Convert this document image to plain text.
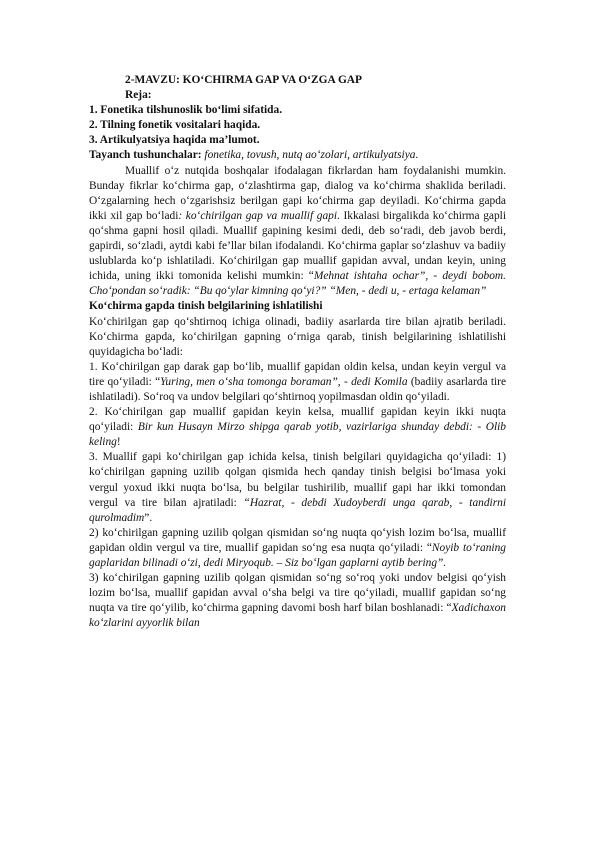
2-MAVZU: KO‘CHIRMA GAP VA O‘ZGA GAP

Reja:

1. Fonetika tilshunoslik bo‘limi sifatida.

2. Tilning fonetik vositalari haqida.

3. Artikulyatsiya haqida ma’lumot.

Tayanch tushunchalar: fonetika, tovush, nutq ao‘zolari, artikulyatsiya.

Muallif o‘z nutqida boshqalar ifodalagan fikrlardan ham foydalanishi mumkin. Bunday fikrlar ko‘chirma gap, o‘zlashtirma gap, dialog va ko‘chirma shaklida beriladi. O‘zgalarning hech o‘zgarishsiz berilgan gapi ko‘chirma gap deyiladi. Ko‘chirma gapda ikki xil gap bo‘ladi: ko‘chirilgan gap va muallif gapi. Ikkalasi birgalikda ko‘chirma gapli qo‘shma gapni hosil qiladi. Muallif gapining kesimi dedi, deb so‘radi, deb javob berdi, gapirdi, so‘zladi, aytdi kabi fe’llar bilan ifodalandi. Ko‘chirma gaplar so‘zlashuv va badiiy uslublarda ko‘p ishlatiladi. Ko‘chirilgan gap muallif gapidan avval, undan keyin, uning ichida, uning ikki tomonida kelishi mumkin: “Mehnat ishtaha ochar”, - deydi bobom. Cho‘pondan so‘radik: “Bu qo‘ylar kimning qo‘yi?” “Men, - dedi u, - ertaga kelaman”

Ko‘chirma gapda tinish belgilarining ishlatilishi

Ko‘chirilgan gap qo‘shtirnoq ichiga olinadi, badiiy asarlarda tire bilan ajratib beriladi. Ko‘chirma gapda, ko‘chirilgan gapning o‘rniga qarab, tinish belgilarining ishlatilishi quyidagicha bo‘ladi:

1. Ko‘chirilgan gap darak gap bo‘lib, muallif gapidan oldin kelsa, undan keyin vergul va tire qo‘yiladi: “Yuring, men o‘sha tomonga boraman”, - dedi Komila (badiiy asarlarda tire ishlatiladi). So‘roq va undov belgilari qo‘shtirnoq yopilmasdan oldin qo‘yiladi.

2. Ko‘chirilgan gap muallif gapidan keyin kelsa, muallif gapidan keyin ikki nuqta qo‘yiladi: Bir kun Husayn Mirzo shipga qarab yotib, vazirlariga shunday debdi: - Olib keling!

3. Muallif gapi ko‘chirilgan gap ichida kelsa, tinish belgilari quyidagicha qo‘yiladi: 1) ko‘chirilgan gapning uzilib qolgan qismida hech qanday tinish belgisi bo‘lmasa yoki vergul yoxud ikki nuqta bo‘lsa, bu belgilar tushirilib, muallif gapi har ikki tomondan vergul va tire bilan ajratiladi: “Hazrat, - debdi Xudoyberdi unga qarab, - tandirni qurolmadim”.

2) ko‘chirilgan gapning uzilib qolgan qismidan so‘ng nuqta qo‘yish lozim bo‘lsa, muallif gapidan oldin vergul va tire, muallif gapidan so‘ng esa nuqta qo‘yiladi: “Noyib to‘raning gaplaridan bilinadi o‘zi, dedi Miryoqub. – Siz bo‘lgan gaplarni aytib bering”.

3) ko‘chirilgan gapning uzilib qolgan qismidan so‘ng so‘roq yoki undov belgisi qo‘yish lozim bo‘lsa, muallif gapidan avval o‘sha belgi va tire qo‘yiladi, muallif gapidan so‘ng nuqta va tire qo‘yilib, ko‘chirma gapning davomi bosh harf bilan boshlanadi: “Xadichaxon ko‘zlarini ayyorlik bilan
